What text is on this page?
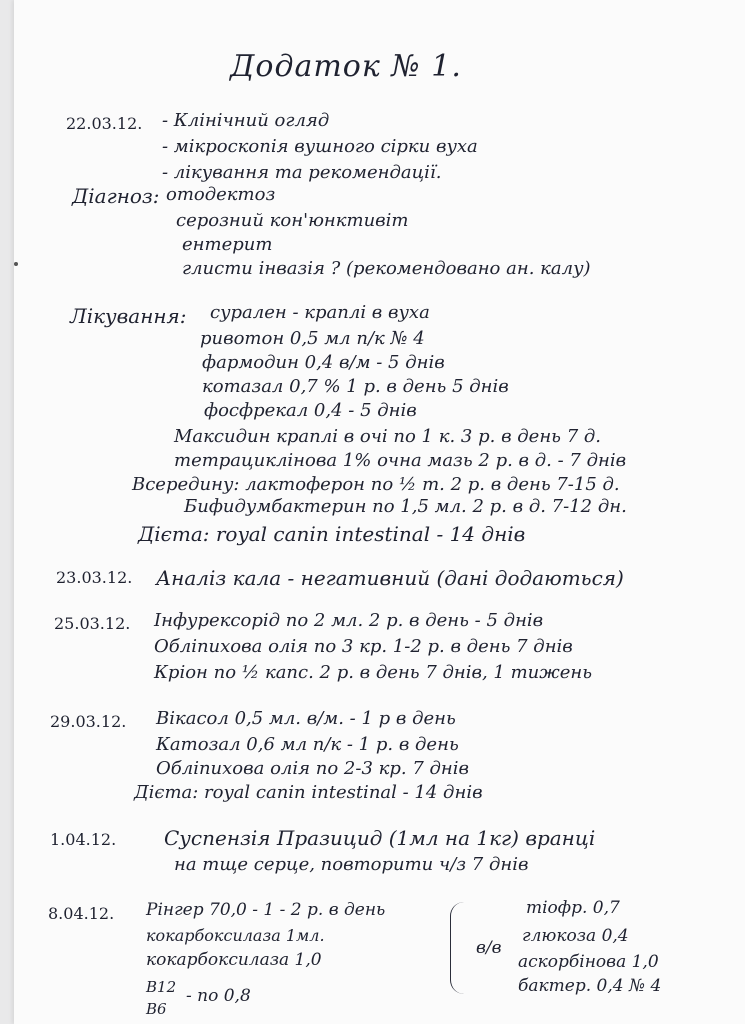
Додаток № 1.
22.03.12. - Клінічний огляд
- мікроскопія вушного сірки вуха
- лікування та рекомендації.
Діагноз: отодектоз
серозний кон'юнктивіт
ентерит
глисти інвазія ? (рекомендовано ан. калу)
Лікування: сурален - краплі в вуха
ривотон 0,5 мл п/к № 4
фармодин 0,4 в/м - 5 днів
котазал 0,7 % 1 р. в день 5 днів
фосфрекал 0,4 - 5 днів
Максидин краплі в очі по 1 к. 3 р. в день 7 д.
тетрациклінова 1% очна мазь 2 р. в д. - 7 днів
Всередину: лактоферон по ½ т. 2 р. в день 7-15 д.
Бифидумбактерин по 1,5 мл. 2 р. в д. 7-12 дн.
Дієта: royal canin intestinal - 14 днів
23.03.12. Аналіз кала - негативний (дані додаються)
25.03.12. Інфурексорід по 2 мл. 2 р. в день - 5 днів
Обліпихова олія по 3 кр. 1-2 р. в день 7 днів
Кріон по ½ капс. 2 р. в день 7 днів, 1 тижень
29.03.12. Вікасол 0,5 мл. в/м. - 1 р в день
Катозал 0,6 мл п/к - 1 р. в день
Обліпихова олія по 2-3 кр. 7 днів
Дієта: royal canin intestinal - 14 днів
1.04.12. Суспензія Празицид (1мл на 1кг) вранці
на тще серце, повторити ч/з 7 днів
8.04.12. Рінгер 70,0 - 1 - 2 р. в день
кокарбоксилаза 1мл.
кокарбоксилаза 1,0
В12
В6
- по 0,8
в/в
тіофр. 0,7
глюкоза 0,4
аскорбінова 1,0
бактер. 0,4 № 4
